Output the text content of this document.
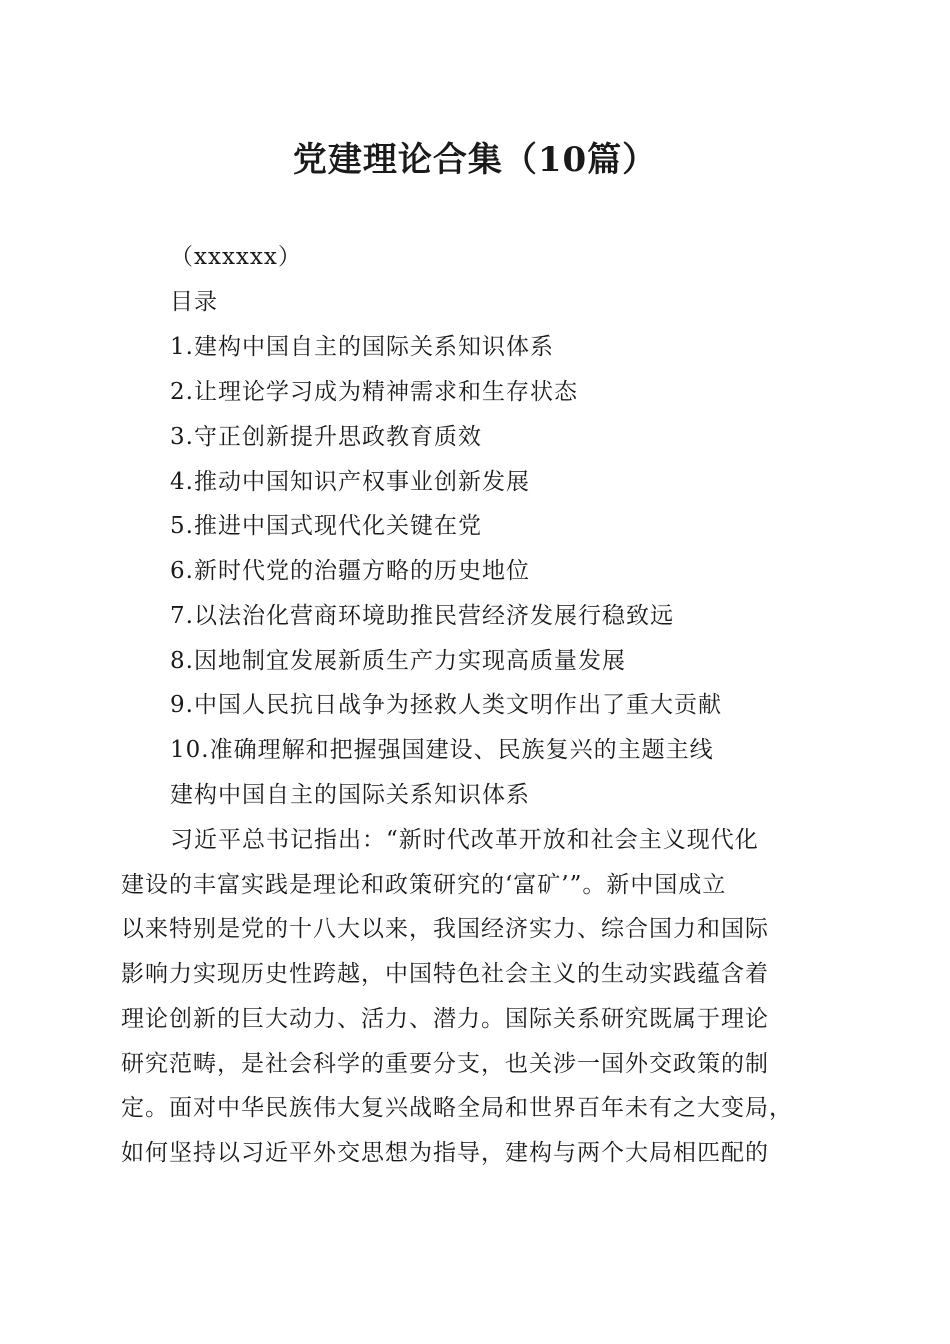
党建理论合集（10篇）
（xxxxxx）
目录
1.建构中国自主的国际关系知识体系
2.让理论学习成为精神需求和生存状态
3.守正创新提升思政教育质效
4.推动中国知识产权事业创新发展
5.推进中国式现代化关键在党
6.新时代党的治疆方略的历史地位
7.以法治化营商环境助推民营经济发展行稳致远
8.因地制宜发展新质生产力实现高质量发展
9.中国人民抗日战争为拯救人类文明作出了重大贡献
10.准确理解和把握强国建设、民族复兴的主题主线
建构中国自主的国际关系知识体系
习近平总书记指出：“新时代改革开放和社会主义现代化
建设的丰富实践是理论和政策研究的‘富矿’”。新中国成立
以来特别是党的十八大以来，我国经济实力、综合国力和国际
影响力实现历史性跨越，中国特色社会主义的生动实践蕴含着
理论创新的巨大动力、活力、潜力。国际关系研究既属于理论
研究范畴，是社会科学的重要分支，也关涉一国外交政策的制
定。面对中华民族伟大复兴战略全局和世界百年未有之大变局，
如何坚持以习近平外交思想为指导，建构与两个大局相匹配的
